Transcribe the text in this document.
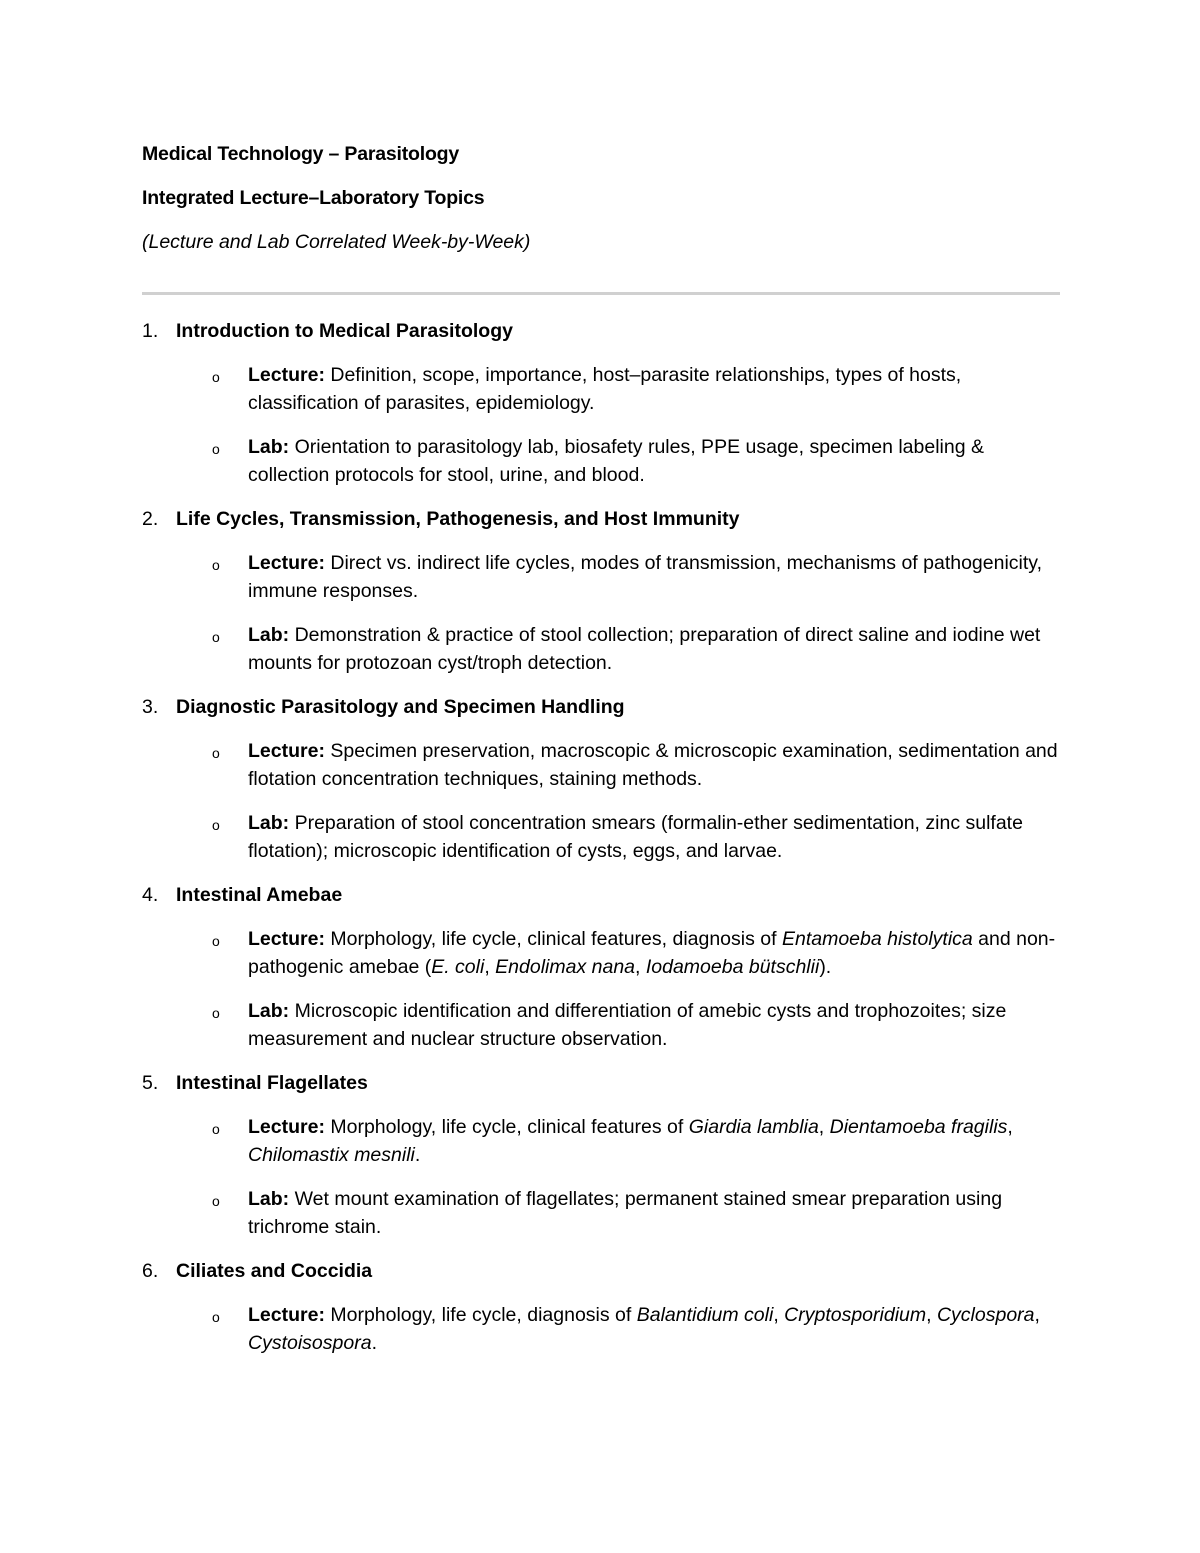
Medical Technology – Parasitology

Integrated Lecture–Laboratory Topics

(Lecture and Lab Correlated Week-by-Week)

1. Introduction to Medical Parasitology
o	Lecture: Definition, scope, importance, host–parasite relationships, types of hosts, classification of parasites, epidemiology.
o	Lab: Orientation to parasitology lab, biosafety rules, PPE usage, specimen labeling & collection protocols for stool, urine, and blood.
2. Life Cycles, Transmission, Pathogenesis, and Host Immunity
o	Lecture: Direct vs. indirect life cycles, modes of transmission, mechanisms of pathogenicity, immune responses.
o	Lab: Demonstration & practice of stool collection; preparation of direct saline and iodine wet mounts for protozoan cyst/troph detection.
3. Diagnostic Parasitology and Specimen Handling
o	Lecture: Specimen preservation, macroscopic & microscopic examination, sedimentation and flotation concentration techniques, staining methods.
o	Lab: Preparation of stool concentration smears (formalin-ether sedimentation, zinc sulfate flotation); microscopic identification of cysts, eggs, and larvae.
4. Intestinal Amebae
o	Lecture: Morphology, life cycle, clinical features, diagnosis of Entamoeba histolytica and non-pathogenic amebae (E. coli, Endolimax nana, Iodamoeba bütschlii).
o	Lab: Microscopic identification and differentiation of amebic cysts and trophozoites; size measurement and nuclear structure observation.
5. Intestinal Flagellates
o	Lecture: Morphology, life cycle, clinical features of Giardia lamblia, Dientamoeba fragilis, Chilomastix mesnili.
o	Lab: Wet mount examination of flagellates; permanent stained smear preparation using trichrome stain.
6. Ciliates and Coccidia
o	Lecture: Morphology, life cycle, diagnosis of Balantidium coli, Cryptosporidium, Cyclospora, Cystoisospora.
